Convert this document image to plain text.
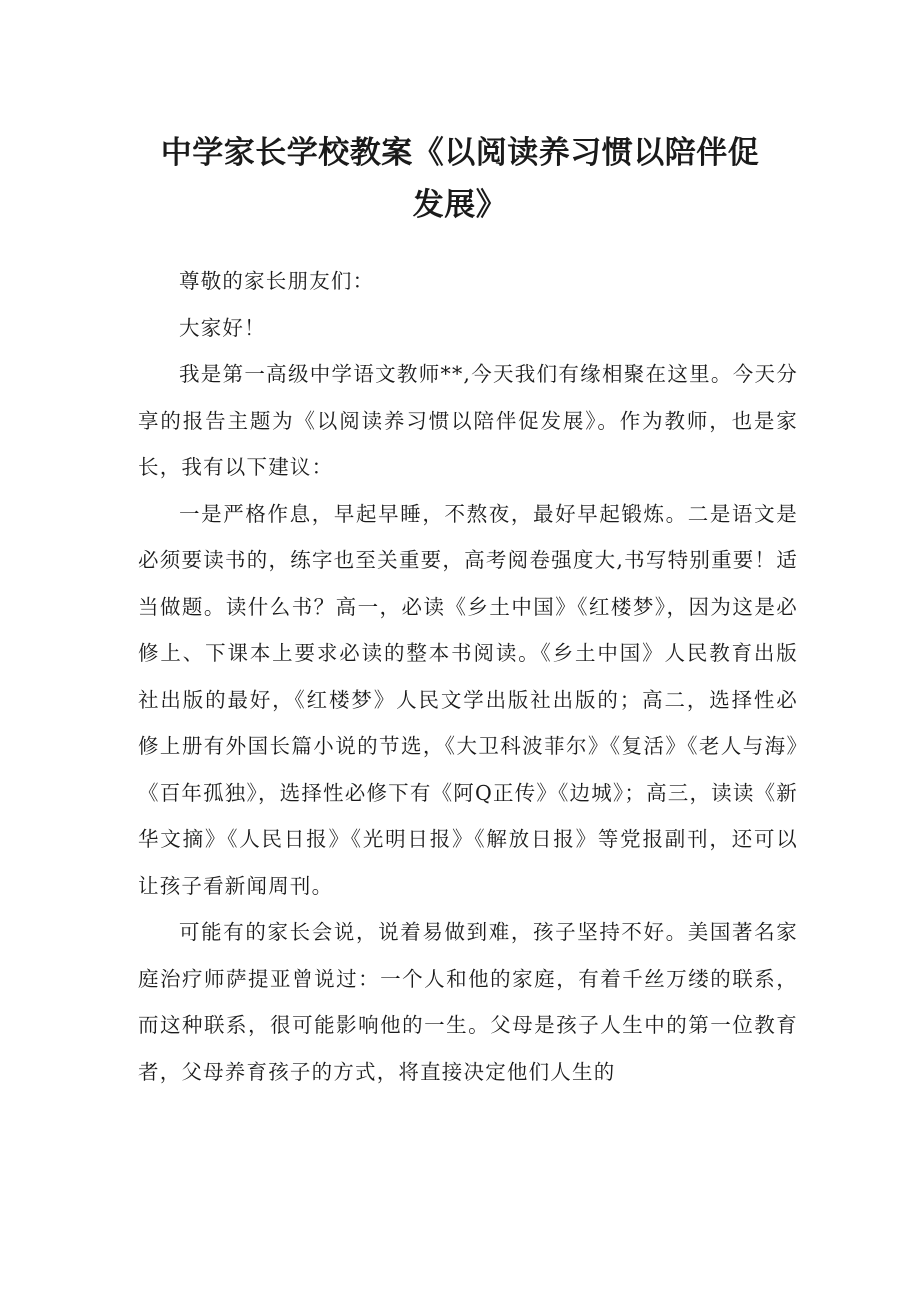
中学家长学校教案《以阅读养习惯以陪伴促
发展》

尊敬的家长朋友们：

大家好！

我是第一高级中学语文教师**,今天我们有缘相聚在这里。今天分享的报告主题为《以阅读养习惯以陪伴促发展》。作为教师，也是家长，我有以下建议：

一是严格作息，早起早睡，不熬夜，最好早起锻炼。二是语文是必须要读书的，练字也至关重要，高考阅卷强度大,书写特别重要！适当做题。读什么书？高一，必读《乡土中国》《红楼梦》，因为这是必修上、下课本上要求必读的整本书阅读。《乡土中国》人民教育出版社出版的最好，《红楼梦》人民文学出版社出版的；高二，选择性必修上册有外国长篇小说的节选，《大卫科波菲尔》《复活》《老人与海》《百年孤独》，选择性必修下有《阿Q正传》《边城》；高三，读读《新华文摘》《人民日报》《光明日报》《解放日报》等党报副刊，还可以让孩子看新闻周刊。

可能有的家长会说，说着易做到难，孩子坚持不好。美国著名家庭治疗师萨提亚曾说过：一个人和他的家庭，有着千丝万缕的联系，而这种联系，很可能影响他的一生。父母是孩子人生中的第一位教育者，父母养育孩子的方式，将直接决定他们人生的
